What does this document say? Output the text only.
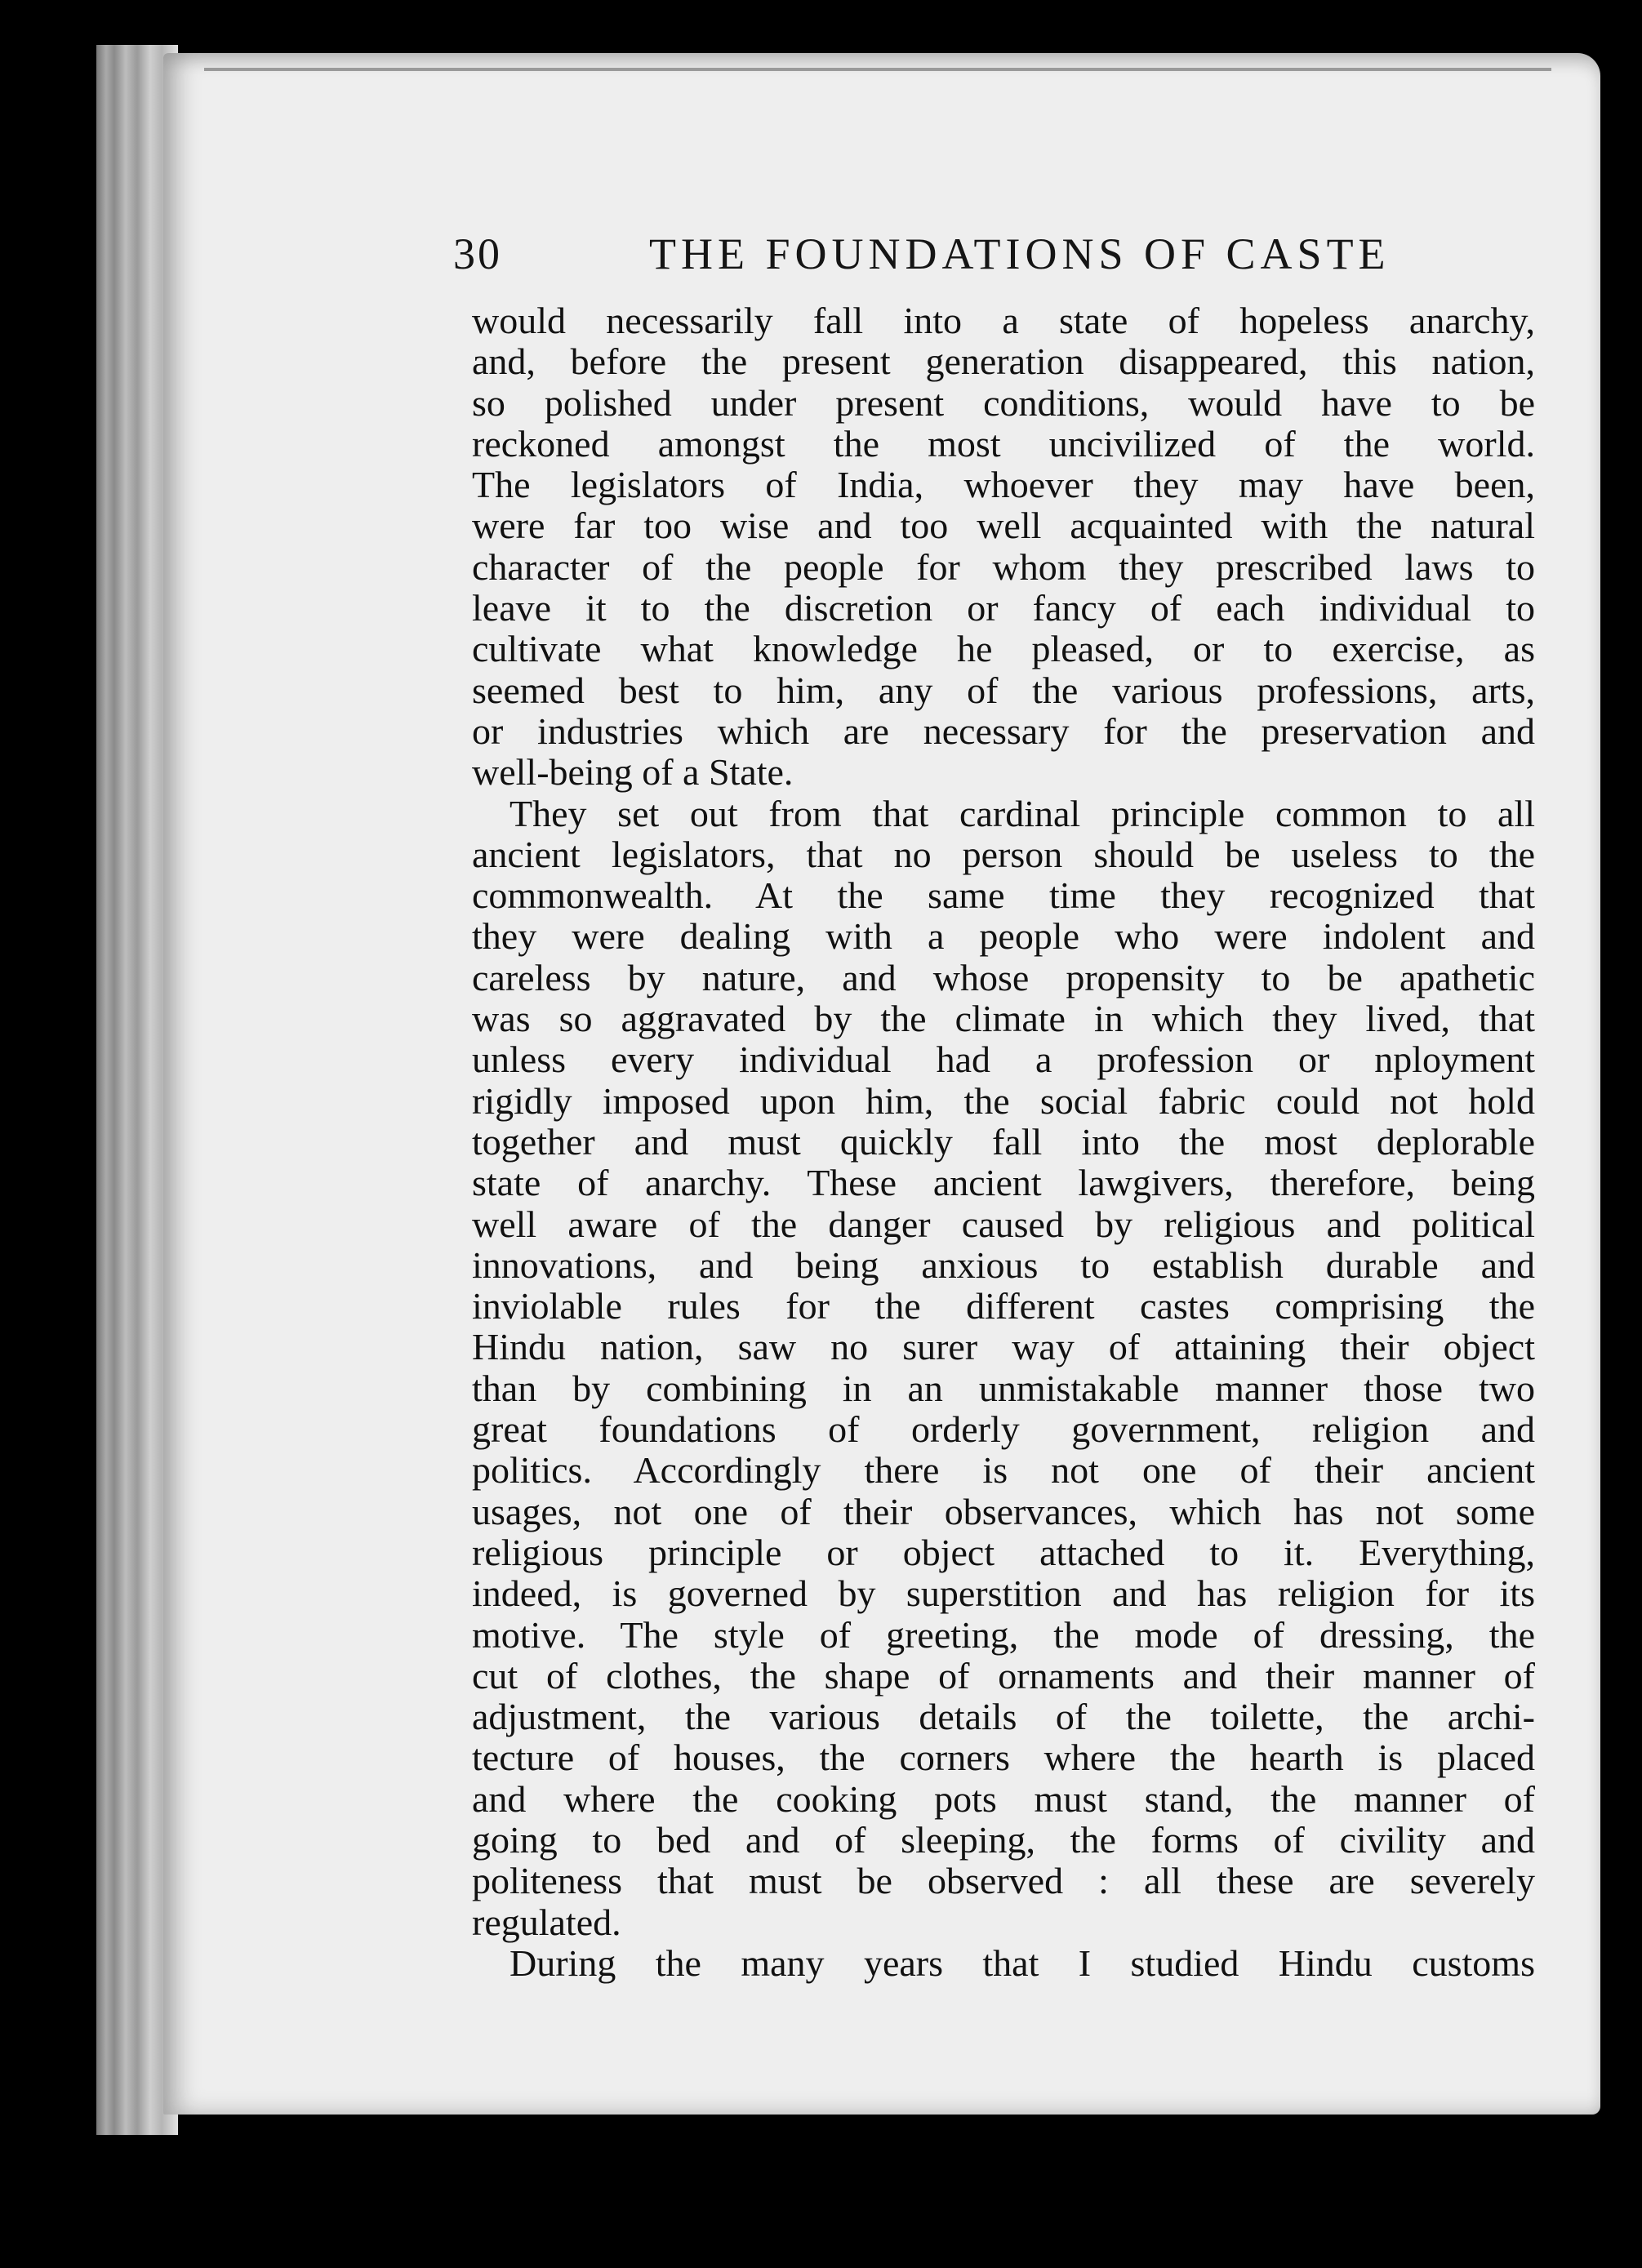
30	THE FOUNDATIONS OF CASTE
would necessarily fall into a state of hopeless anarchy,
and, before the present generation disappeared, this nation,
so polished under present conditions, would have to be
reckoned amongst the most uncivilized of the world.
The legislators of India, whoever they may have been,
were far too wise and too well acquainted with the natural
character of the people for whom they prescribed laws to
leave it to the discretion or fancy of each individual to
cultivate what knowledge he pleased, or to exercise, as
seemed best to him, any of the various professions, arts,
or industries which are necessary for the preservation and
well-being of a State.
They set out from that cardinal principle common to all
ancient legislators, that no person should be useless to the
commonwealth. At the same time they recognized that
they were dealing with a people who were indolent and
careless by nature, and whose propensity to be apathetic
was so aggravated by the climate in which they lived, that
unless every individual had a profession or nployment
rigidly imposed upon him, the social fabric could not hold
together and must quickly fall into the most deplorable
state of anarchy. These ancient lawgivers, therefore, being
well aware of the danger caused by religious and political
innovations, and being anxious to establish durable and
inviolable rules for the different castes comprising the
Hindu nation, saw no surer way of attaining their object
than by combining in an unmistakable manner those two
great foundations of orderly government, religion and
politics. Accordingly there is not one of their ancient
usages, not one of their observances, which has not some
religious principle or object attached to it. Everything,
indeed, is governed by superstition and has religion for its
motive. The style of greeting, the mode of dressing, the
cut of clothes, the shape of ornaments and their manner of
adjustment, the various details of the toilette, the archi-
tecture of houses, the corners where the hearth is placed
and where the cooking pots must stand, the manner of
going to bed and of sleeping, the forms of civility and
politeness that must be observed : all these are severely
regulated.
During the many years that I studied Hindu customs
